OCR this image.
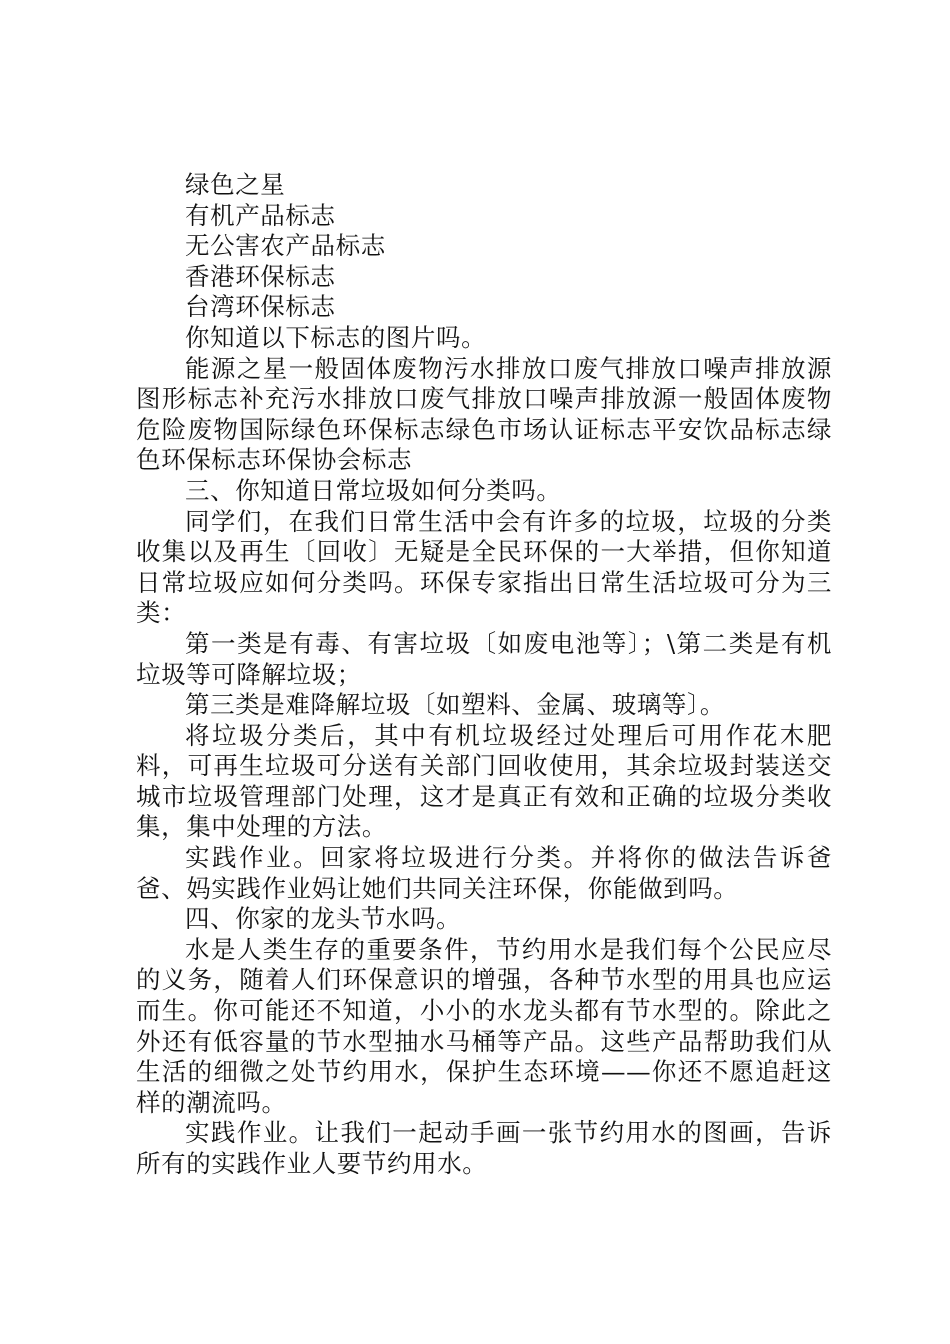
绿色之星

有机产品标志

无公害农产品标志

香港环保标志

台湾环保标志

你知道以下标志的图片吗。

能源之星一般固体废物污水排放口废气排放口噪声排放源图形标志补充污水排放口废气排放口噪声排放源一般固体废物危险废物国际绿色环保标志绿色市场认证标志平安饮品标志绿色环保标志环保协会标志

三、你知道日常垃圾如何分类吗。

同学们，在我们日常生活中会有许多的垃圾，垃圾的分类收集以及再生〔回收〕无疑是全民环保的一大举措，但你知道日常垃圾应如何分类吗。环保专家指出日常生活垃圾可分为三类：

第一类是有毒、有害垃圾〔如废电池等〕；\第二类是有机垃圾等可降解垃圾；

第三类是难降解垃圾〔如塑料、金属、玻璃等〕。

将垃圾分类后，其中有机垃圾经过处理后可用作花木肥料，可再生垃圾可分送有关部门回收使用，其余垃圾封装送交城市垃圾管理部门处理，这才是真正有效和正确的垃圾分类收集，集中处理的方法。

实践作业。回家将垃圾进行分类。并将你的做法告诉爸爸、妈实践作业妈让她们共同关注环保，你能做到吗。

四、你家的龙头节水吗。

水是人类生存的重要条件，节约用水是我们每个公民应尽的义务，随着人们环保意识的增强，各种节水型的用具也应运而生。你可能还不知道，小小的水龙头都有节水型的。除此之外还有低容量的节水型抽水马桶等产品。这些产品帮助我们从生活的细微之处节约用水，保护生态环境——你还不愿追赶这样的潮流吗。

实践作业。让我们一起动手画一张节约用水的图画，告诉所有的实践作业人要节约用水。
